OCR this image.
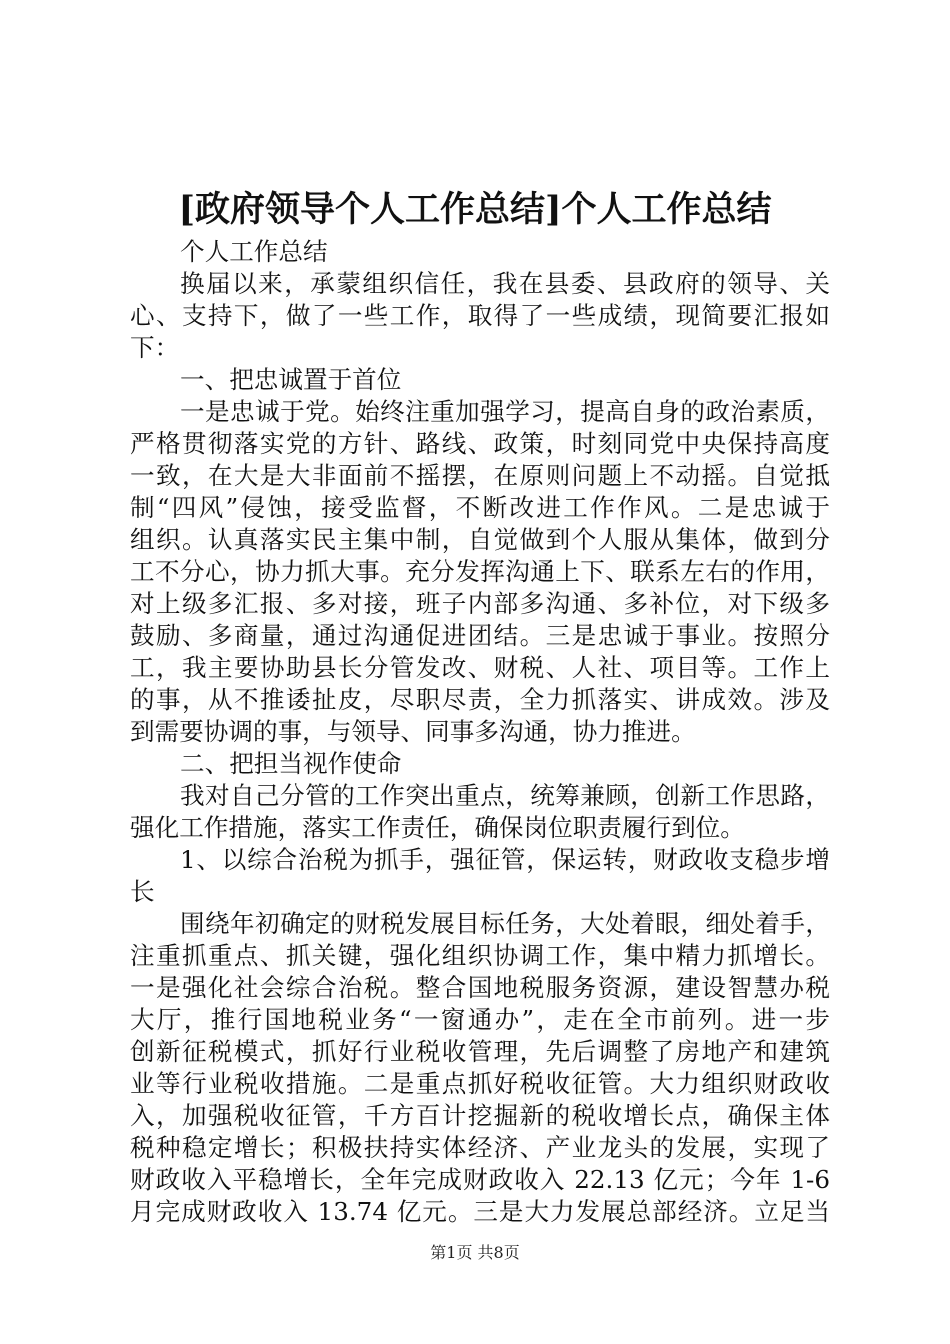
[政府领导个人工作总结]个人工作总结
个人工作总结
换届以来，承蒙组织信任，我在县委、县政府的领导、关
心、支持下，做了一些工作，取得了一些成绩，现简要汇报如
下：
一、把忠诚置于首位
一是忠诚于党。始终注重加强学习，提高自身的政治素质，
严格贯彻落实党的方针、路线、政策，时刻同党中央保持高度
一致，在大是大非面前不摇摆，在原则问题上不动摇。自觉抵
制“四风”侵蚀，接受监督，不断改进工作作风。二是忠诚于
组织。认真落实民主集中制，自觉做到个人服从集体，做到分
工不分心，协力抓大事。充分发挥沟通上下、联系左右的作用，
对上级多汇报、多对接，班子内部多沟通、多补位，对下级多
鼓励、多商量，通过沟通促进团结。三是忠诚于事业。按照分
工，我主要协助县长分管发改、财税、人社、项目等。工作上
的事，从不推诿扯皮，尽职尽责，全力抓落实、讲成效。涉及
到需要协调的事，与领导、同事多沟通，协力推进。
二、把担当视作使命
我对自己分管的工作突出重点，统筹兼顾，创新工作思路，
强化工作措施，落实工作责任，确保岗位职责履行到位。
1、以综合治税为抓手，强征管，保运转，财政收支稳步增
长
围绕年初确定的财税发展目标任务，大处着眼，细处着手，
注重抓重点、抓关键，强化组织协调工作，集中精力抓增长。
一是强化社会综合治税。整合国地税服务资源，建设智慧办税
大厅，推行国地税业务“一窗通办”，走在全市前列。进一步
创新征税模式，抓好行业税收管理，先后调整了房地产和建筑
业等行业税收措施。二是重点抓好税收征管。大力组织财政收
入，加强税收征管，千方百计挖掘新的税收增长点，确保主体
税种稳定增长；积极扶持实体经济、产业龙头的发展，实现了
财政收入平稳增长，全年完成财政收入 22.13 亿元；今年 1-6
月完成财政收入 13.74 亿元。三是大力发展总部经济。立足当
第1页 共8页
